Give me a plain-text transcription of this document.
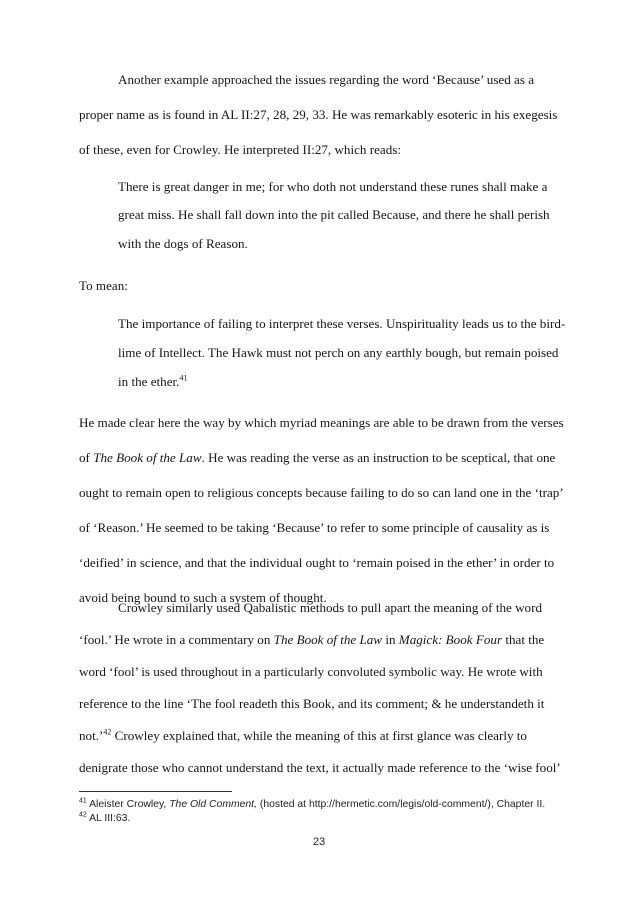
Another example approached the issues regarding the word ‘Because’ used as a
proper name as is found in AL II:27, 28, 29, 33. He was remarkably esoteric in his exegesis
of these, even for Crowley. He interpreted II:27, which reads:
There is great danger in me; for who doth not understand these runes shall make a
great miss. He shall fall down into the pit called Because, and there he shall perish
with the dogs of Reason.
To mean:
The importance of failing to interpret these verses. Unspirituality leads us to the bird-
lime of Intellect. The Hawk must not perch on any earthly bough, but remain poised
in the ether.$^{41}$
He made clear here the way by which myriad meanings are able to be drawn from the verses
of The Book of the Law. He was reading the verse as an instruction to be sceptical, that one
ought to remain open to religious concepts because failing to do so can land one in the ‘trap’
of ‘Reason.’ He seemed to be taking ‘Because’ to refer to some principle of causality as is
‘deified’ in science, and that the individual ought to ‘remain poised in the ether’ in order to
avoid being bound to such a system of thought.
Crowley similarly used Qabalistic methods to pull apart the meaning of the word
‘fool.’ He wrote in a commentary on The Book of the Law in Magick: Book Four that the
word ‘fool’ is used throughout in a particularly convoluted symbolic way. He wrote with
reference to the line ‘The fool readeth this Book, and its comment; & he understandeth it
not.’$^{42}$ Crowley explained that, while the meaning of this at first glance was clearly to
$^{41}$ Aleister Crowley, The Old Comment, (hosted at http://hermetic.com/legis/old-comment/), Chapter II.
$^{42}$ AL III:63.
23
denigrate those who cannot understand the text, it actually made reference to the ‘wise fool’
